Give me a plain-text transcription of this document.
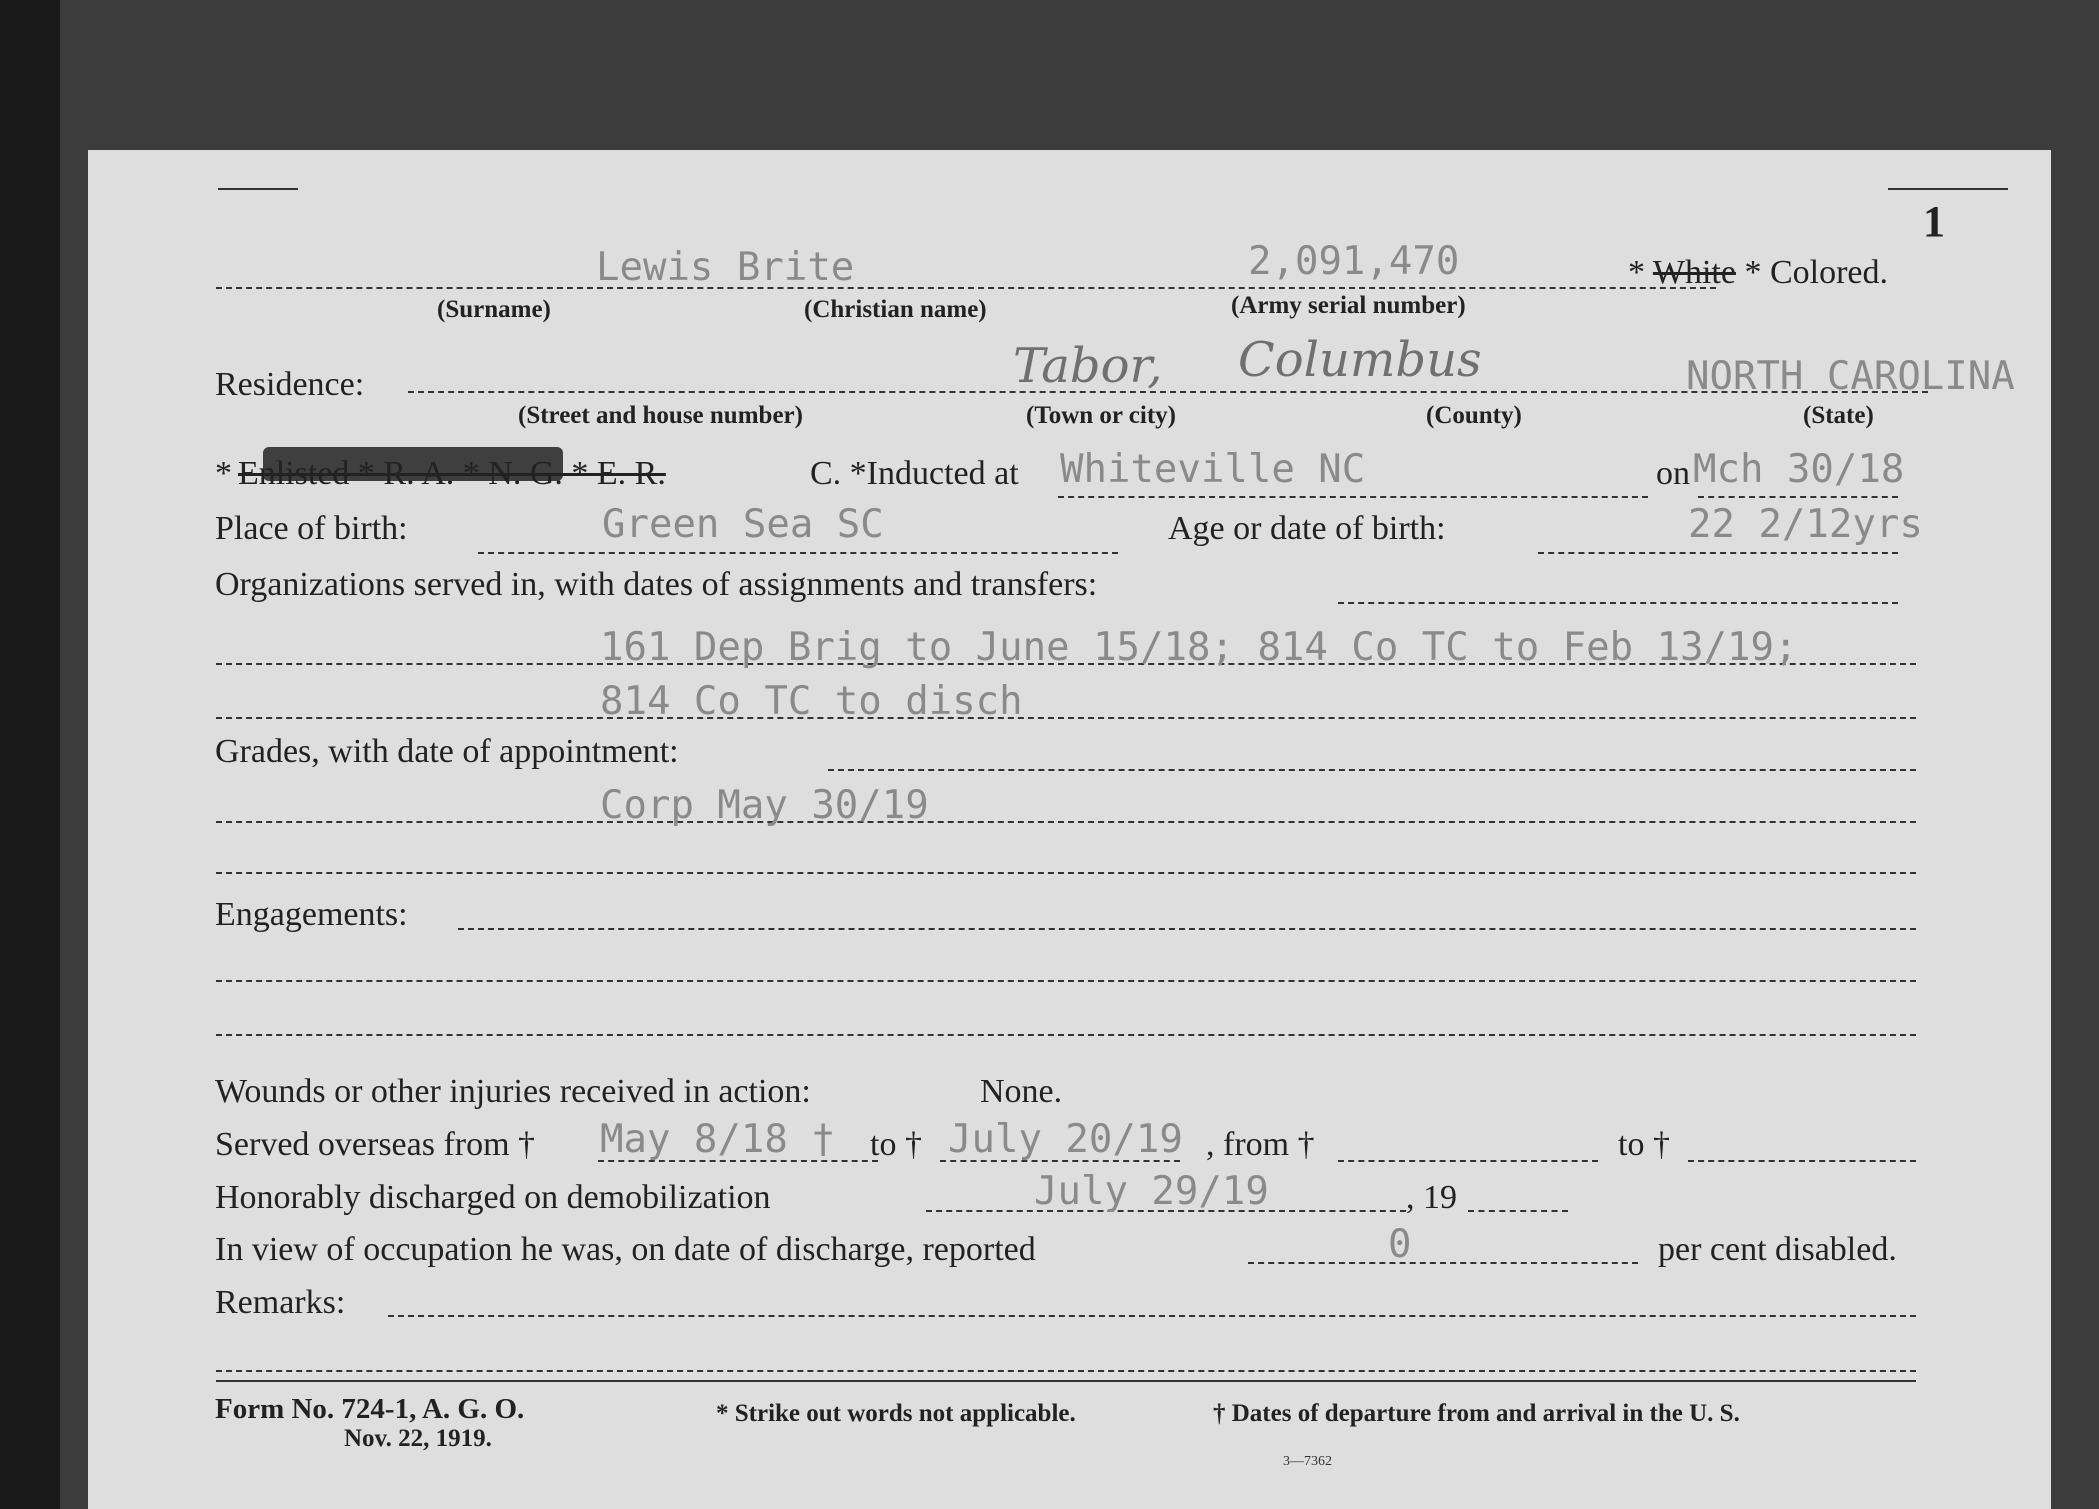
1
Lewis Brite	2,091,470	* White * Colored.
(Surname)	(Christian name)	(Army serial number)
Residence:	Tabor, Columbus	NORTH CAROLINA
(Street and house number)	(Town or city)	(County)	(State)
* Enlisted * R. A. * N. G. * E. R.	C. *Inducted at Whiteville NC	on Mch 30/18
Place of birth:	Green Sea SC	Age or date of birth:	22 2/12yrs
Organizations served in, with dates of assignments and transfers:
161 Dep Brig to June 15/18; 814 Co TC to Feb 13/19;
814 Co TC to disch
Grades, with date of appointment:
Corp May 30/19
Engagements:
Wounds or other injuries received in action:	None.
Served overseas from † May 8/18 † to † July 20/19 , from †	to †
Honorably discharged on demobilization	July 29/19	, 19
In view of occupation he was, on date of discharge, reported	0	per cent disabled.
Remarks:
Form No. 724-1, A. G. O.
Nov. 22, 1919.
* Strike out words not applicable.	† Dates of departure from and arrival in the U. S.
3—7362
